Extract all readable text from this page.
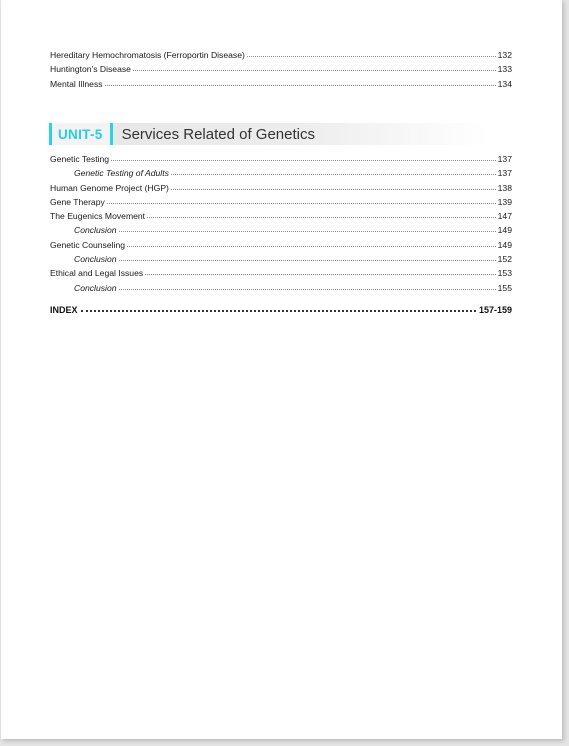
Hereditary Hemochromatosis (Ferroportin Disease)	132
Huntington's Disease	133
Mental Illness	134
UNIT-5	Services Related of Genetics
Genetic Testing	137
Genetic Testing of Adults	137
Human Genome Project (HGP)	138
Gene Therapy	139
The Eugenics Movement	147
Conclusion	149
Genetic Counseling	149
Conclusion	152
Ethical and Legal Issues	153
Conclusion	155
INDEX	157-159
